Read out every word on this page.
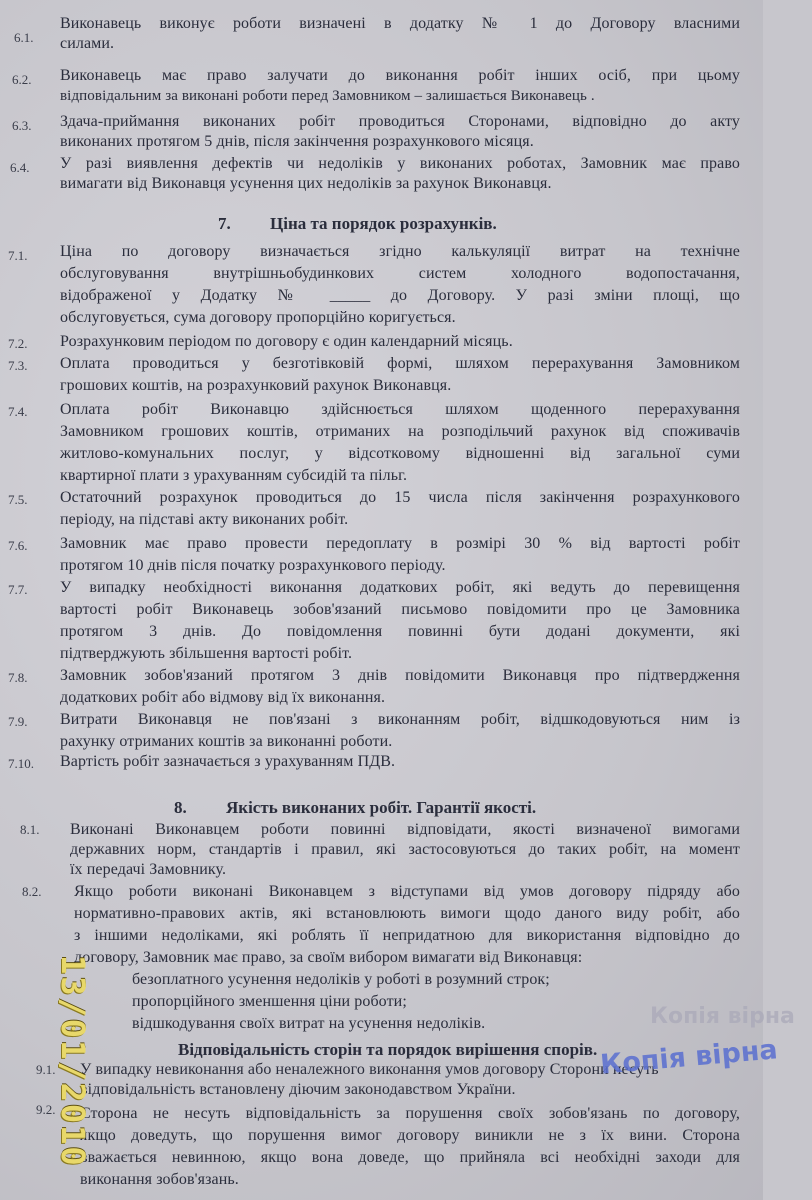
6.1.
Виконавець виконує роботи визначені в додатку № 1 до Договору власними
силами.
6.2. Виконавець має право залучати до виконання робіт інших осіб, при цьому
відповідальним за виконані роботи перед Замовником – залишається Виконавець .
6.3. Здача-приймання виконаних робіт проводиться Сторонами, відповідно до акту
виконаних протягом 5 днів, після закінчення розрахункового місяця.
6.4. У разі виявлення дефектів чи недоліків у виконаних роботах, Замовник має право
вимагати від Виконавця усунення цих недоліків за рахунок Виконавця.
7. Ціна та порядок розрахунків.
7.1. Ціна по договору визначається згідно калькуляції витрат на технічне
обслуговування внутрішньобудинкових систем холодного водопостачання,
відображеної у Додатку № _____ до Договору. У разі зміни площі, що
обслуговується, сума договору пропорційно коригується.
7.2. Розрахунковим періодом по договору є один календарний місяць.
7.3. Оплата проводиться у безготівковій формі, шляхом перерахування Замовником
грошових коштів, на розрахунковий рахунок Виконавця.
7.4. Оплата робіт Виконавцю здійснюється шляхом щоденного перерахування
Замовником грошових коштів, отриманих на розподільчий рахунок від споживачів
житлово-комунальних послуг, у відсотковому відношенні від загальної суми
квартирної плати з урахуванням субсидій та пільг.
7.5. Остаточний розрахунок проводиться до 15 числа після закінчення розрахункового
періоду, на підставі акту виконаних робіт.
7.6. Замовник має право провести передоплату в розмірі 30 % від вартості робіт
протягом 10 днів після початку розрахункового періоду.
7.7. У випадку необхідності виконання додаткових робіт, які ведуть до перевищення
вартості робіт Виконавець зобов'язаний письмово повідомити про це Замовника
протягом 3 днів. До повідомлення повинні бути додані документи, які
підтверджують збільшення вартості робіт.
7.8. Замовник зобов'язаний протягом 3 днів повідомити Виконавця про підтвердження
додаткових робіт або відмову від їх виконання.
7.9. Витрати Виконавця не пов'язані з виконанням робіт, відшкодовуються ним із
рахунку отриманих коштів за виконанні роботи.
7.10. Вартість робіт зазначається з урахуванням ПДВ.
8. Якість виконаних робіт. Гарантії якості.
8.1. Виконані Виконавцем роботи повинні відповідати, якості визначеної вимогами
державних норм, стандартів і правил, які застосовуються до таких робіт, на момент
їх передачі Замовнику.
8.2. Якщо роботи виконані Виконавцем з відступами від умов договору підряду або
нормативно-правових актів, які встановлюють вимоги щодо даного виду робіт, або
з іншими недоліками, які роблять її непридатною для використання відповідно до
договору, Замовник має право, за своїм вибором вимагати від Виконавця:
безоплатного усунення недоліків у роботі в розумний строк;
пропорційного зменшення ціни роботи;
відшкодування своїх витрат на усунення недоліків.
Відповідальність сторін та порядок вирішення спорів.
9.1. У випадку невиконання або неналежного виконання умов договору Сторони несуть
відповідальність встановлену діючим законодавством України.
9.2. Сторона не несуть відповідальність за порушення своїх зобов'язань по договору,
якщо доведуть, що порушення вимог договору виникли не з їх вини. Сторона
вважається невинною, якщо вона доведе, що прийняла всі необхідні заходи для
виконання зобов'язань.
13/01/2010	Копія вірна
Копія вірна
